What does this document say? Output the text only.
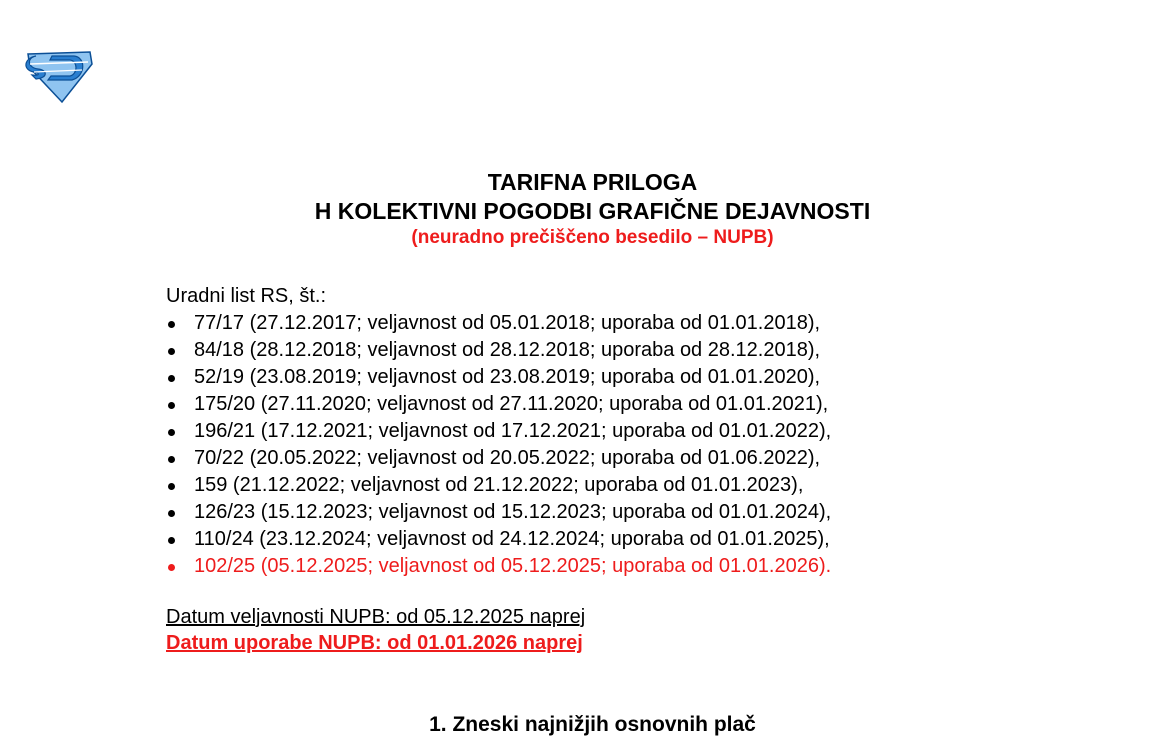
TARIFNA PRILOGA

H KOLEKTIVNI POGODBI GRAFIČNE DEJAVNOSTI

(neuradno prečiščeno besedilo – NUPB)

Uradni list RS, št.:

77/17 (27.12.2017; veljavnost od 05.01.2018; uporaba od 01.01.2018),
84/18 (28.12.2018; veljavnost od 28.12.2018; uporaba od 28.12.2018),
52/19 (23.08.2019; veljavnost od 23.08.2019; uporaba od 01.01.2020),
175/20 (27.11.2020; veljavnost od 27.11.2020; uporaba od 01.01.2021),
196/21 (17.12.2021; veljavnost od 17.12.2021; uporaba od 01.01.2022),
70/22 (20.05.2022; veljavnost od 20.05.2022; uporaba od 01.06.2022),
159 (21.12.2022; veljavnost od 21.12.2022; uporaba od 01.01.2023),
126/23 (15.12.2023; veljavnost od 15.12.2023; uporaba od 01.01.2024),
110/24 (23.12.2024; veljavnost od 24.12.2024; uporaba od 01.01.2025),
102/25 (05.12.2025; veljavnost od 05.12.2025; uporaba od 01.01.2026).

Datum veljavnosti NUPB: od 05.12.2025 naprej

Datum uporabe NUPB: od 01.01.2026 naprej

1. Zneski najnižjih osnovnih plač
